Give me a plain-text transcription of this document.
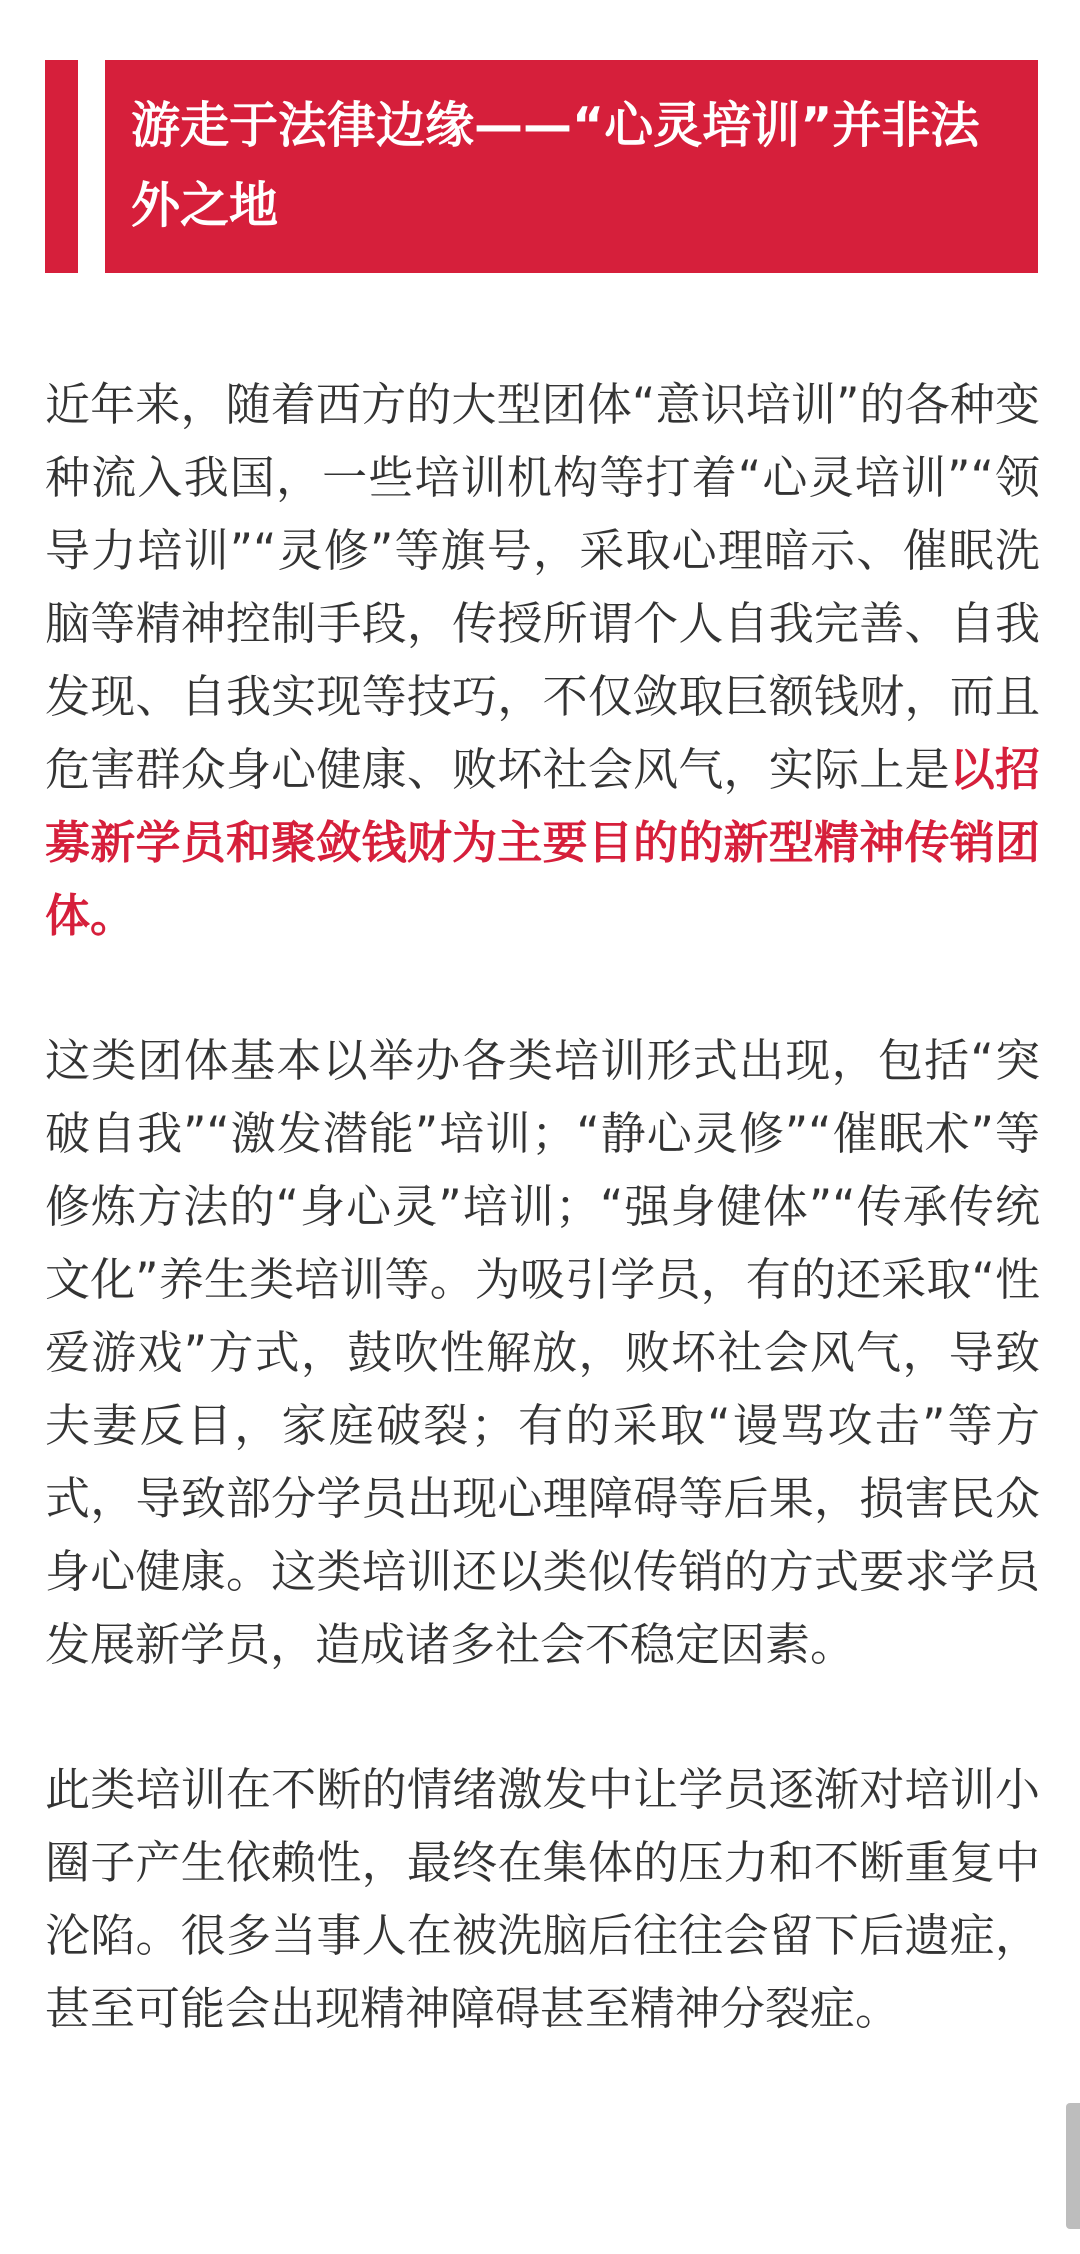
游走于法律边缘——“心灵培训”并非法外之地

近年来，随着西方的大型团体“意识培训”的各种变种流入我国，一些培训机构等打着“心灵培训”“领导力培训”“灵修”等旗号，采取心理暗示、催眠洗脑等精神控制手段，传授所谓个人自我完善、自我发现、自我实现等技巧，不仅敛取巨额钱财，而且危害群众身心健康、败坏社会风气，实际上是以招募新学员和聚敛钱财为主要目的的新型精神传销团体。

这类团体基本以举办各类培训形式出现，包括“突破自我”“激发潜能”培训；“静心灵修”“催眠术”等修炼方法的“身心灵”培训；“强身健体”“传承传统文化”养生类培训等。为吸引学员，有的还采取“性爱游戏”方式，鼓吹性解放，败坏社会风气，导致夫妻反目，家庭破裂；有的采取“谩骂攻击”等方式，导致部分学员出现心理障碍等后果，损害民众身心健康。这类培训还以类似传销的方式要求学员发展新学员，造成诸多社会不稳定因素。

此类培训在不断的情绪激发中让学员逐渐对培训小圈子产生依赖性，最终在集体的压力和不断重复中沦陷。很多当事人在被洗脑后往往会留下后遗症，甚至可能会出现精神障碍甚至精神分裂症。
